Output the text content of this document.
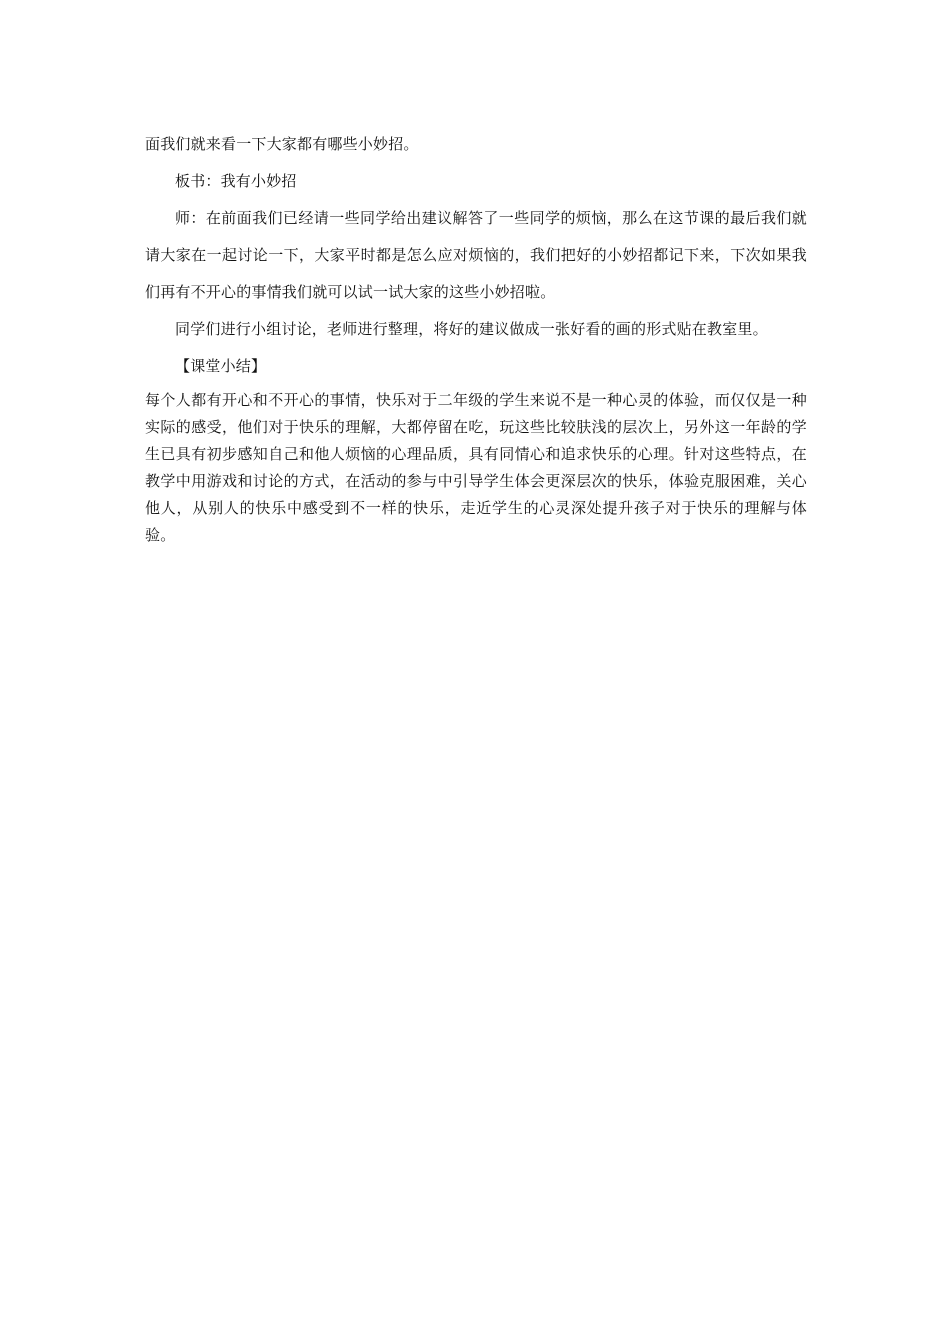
面我们就来看一下大家都有哪些小妙招。

板书：我有小妙招

师：在前面我们已经请一些同学给出建议解答了一些同学的烦恼，那么在这节课的最后我们就请大家在一起讨论一下，大家平时都是怎么应对烦恼的，我们把好的小妙招都记下来，下次如果我们再有不开心的事情我们就可以试一试大家的这些小妙招啦。

同学们进行小组讨论，老师进行整理，将好的建议做成一张好看的画的形式贴在教室里。

【课堂小结】

每个人都有开心和不开心的事情，快乐对于二年级的学生来说不是一种心灵的体验，而仅仅是一种实际的感受，他们对于快乐的理解，大都停留在吃，玩这些比较肤浅的层次上，另外这一年龄的学生已具有初步感知自己和他人烦恼的心理品质，具有同情心和追求快乐的心理。针对这些特点，在教学中用游戏和讨论的方式，在活动的参与中引导学生体会更深层次的快乐，体验克服困难，关心他人，从别人的快乐中感受到不一样的快乐，走近学生的心灵深处提升孩子对于快乐的理解与体验。
